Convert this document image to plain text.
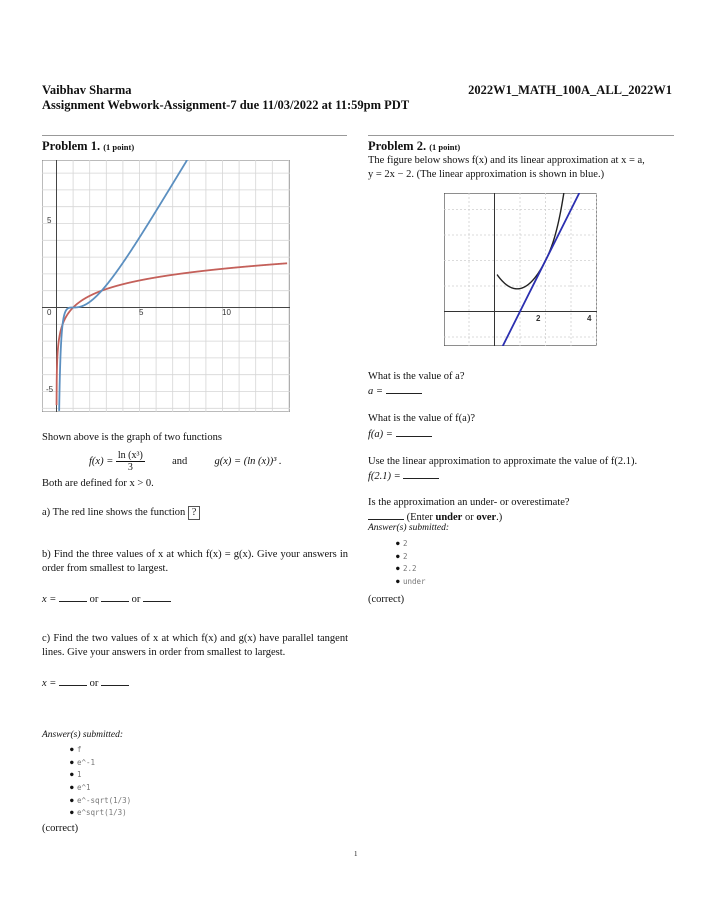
Vaibhav Sharma	2022W1_MATH_100A_ALL_2022W1
Assignment Webwork-Assignment-7 due 11/03/2022 at 11:59pm PDT
Problem 1. (1 point)
0	5	10
5
-5
Shown above is the graph of two functions
$f(x) = \frac{\text{ln (x³)}}{3}$	and	g(x) = (ln (x))³ .
Both are defined for x > 0.
a) The red line shows the function ?
b) Find the three values of x at which f(x) = g(x). Give your answers in order from smallest to largest.
x =	or	or
c) Find the two values of x at which f(x) and g(x) have parallel tangent lines. Give your answers in order from smallest to largest.
x =	or
Answer(s) submitted:
● f
● e^-1
● 1
● e^1
● e^-sqrt(1/3)
● e^sqrt(1/3)
(correct)
Problem 2. (1 point)
The figure below shows f(x) and its linear approximation at x = a,
y = 2x − 2. (The linear approximation is shown in blue.)
2	4
What is the value of a?
a =
What is the value of f(a)?
f(a) =
Use the linear approximation to approximate the value of f(2.1).
f(2.1) =
Is the approximation an under- or overestimate?
(Enter under or over.)
Answer(s) submitted:
● 2
● 2
● 2.2
● under
(correct)
1
